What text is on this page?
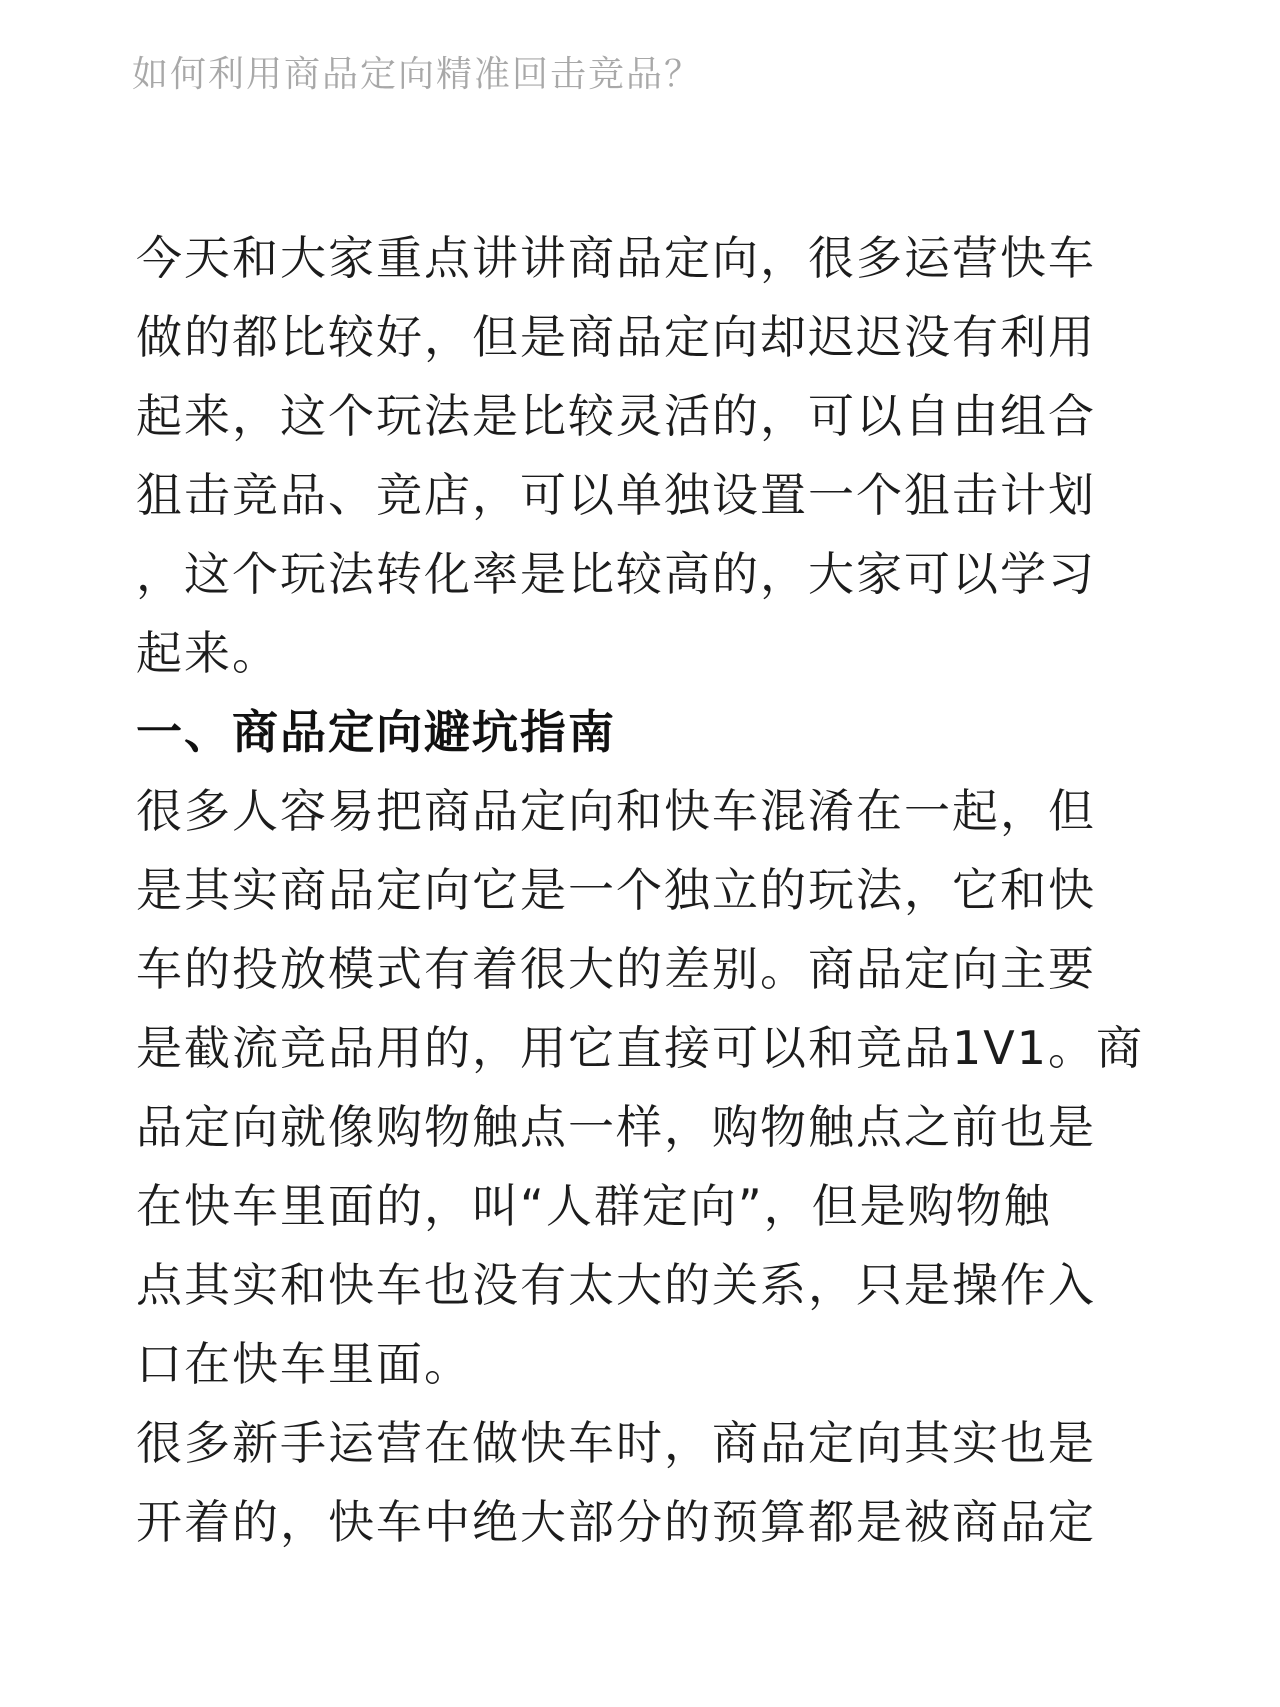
如何利用商品定向精准回击竞品？
今天和大家重点讲讲商品定向，很多运营快车
做的都比较好，但是商品定向却迟迟没有利用
起来，这个玩法是比较灵活的，可以自由组合
狙击竞品、竞店，可以单独设置一个狙击计划
，这个玩法转化率是比较高的，大家可以学习
起来。
一、商品定向避坑指南
很多人容易把商品定向和快车混淆在一起，但
是其实商品定向它是一个独立的玩法，它和快
车的投放模式有着很大的差别。商品定向主要
是截流竞品用的，用它直接可以和竞品1V1。商
品定向就像购物触点一样，购物触点之前也是
在快车里面的，叫“人群定向”，但是购物触
点其实和快车也没有太大的关系，只是操作入
口在快车里面。
很多新手运营在做快车时，商品定向其实也是
开着的，快车中绝大部分的预算都是被商品定
